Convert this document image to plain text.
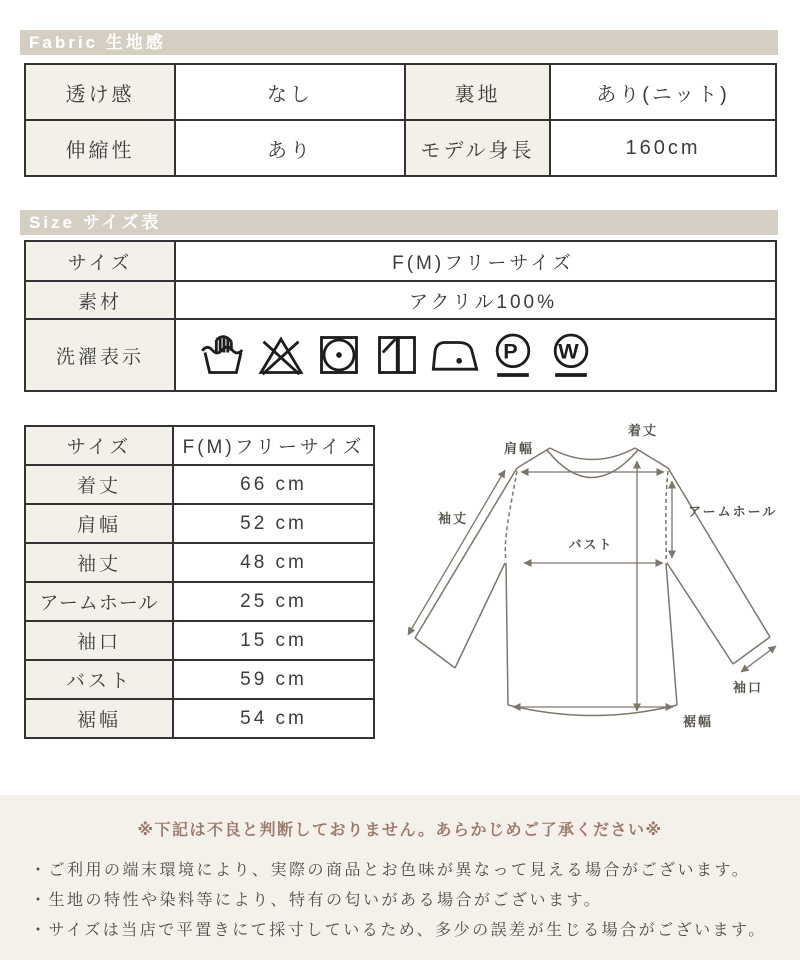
Fabric 生地感
透け感	なし	裏地	あり(ニット)
伸縮性	あり	モデル身長	160cm
Size サイズ表
サイズ	F(M)フリーサイズ
素材	アクリル100%
洗濯表示	P W
サイズ	F(M)フリーサイズ
着丈	66 cm
肩幅	52 cm
袖丈	48 cm
アームホール	25 cm
袖口	15 cm
バスト	59 cm
裾幅	54 cm
着丈
肩幅
袖丈	アームホール
バスト
袖口
裾幅
※下記は不良と判断しておりません。あらかじめご了承ください※
・ご利用の端末環境により、実際の商品とお色味が異なって見える場合がございます。
・生地の特性や染料等により、特有の匂いがある場合がございます。
・サイズは当店で平置きにて採寸しているため、多少の誤差が生じる場合がございます。
